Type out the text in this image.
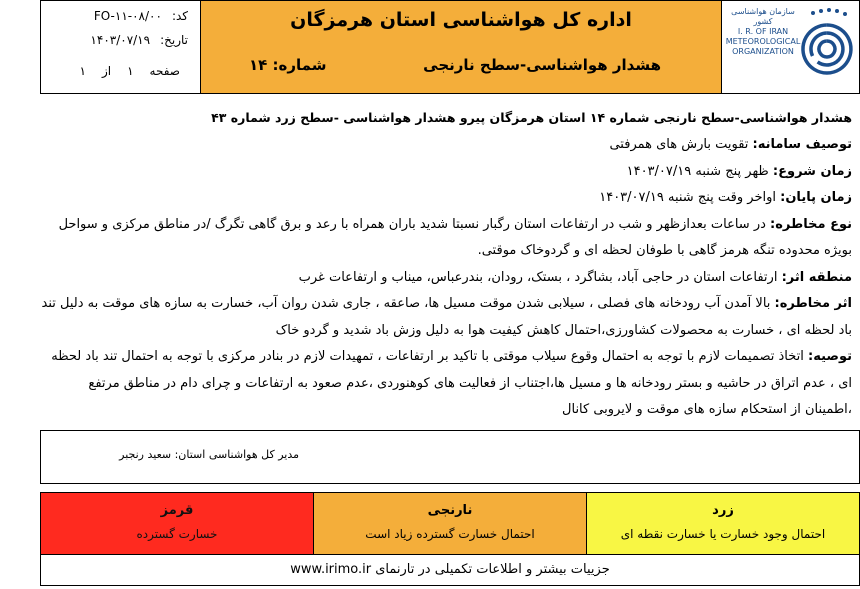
سازمان هواشناسی کشور
I. R. OF IRAN
METEOROLOGICAL
ORGANIZATION
اداره کل هواشناسی استان هرمزگان
هشدار هواشناسی-سطح نارنجی
شماره: ۱۴
کد:
FO-۱۱-۰۸/۰۰
تاریخ:
۱۴۰۳/۰۷/۱۹
صفحه
۱
از
۱
هشدار هواشناسی-سطح نارنجی شماره ۱۴ استان هرمزگان پیرو هشدار هواشناسی -سطح زرد شماره ۴۳
توصیف سامانه: تقویت بارش های همرفتی
زمان شروع: ظهر پنج شنبه ۱۴۰۳/۰۷/۱۹
زمان پایان: اواخر وقت پنج شنبه ۱۴۰۳/۰۷/۱۹
نوع مخاطره: در ساعات بعدازظهر و شب در ارتفاعات استان رگبار نسبتا شدید باران همراه با رعد و برق گاهی تگرگ /در مناطق مرکزی و سواحل بویژه محدوده تنگه هرمز گاهی با طوفان لحظه ای و گردوخاک موقتی.
منطقه اثر: ارتفاعات استان در حاجی آباد، بشاگرد ، بستک، رودان، بندرعباس، میناب و ارتفاعات غرب
اثر مخاطره: بالا آمدن آب رودخانه های فصلی ، سیلابی شدن موقت مسیل ها، صاعقه ، جاری شدن روان آب، خسارت به سازه های موقت به دلیل تند باد لحظه ای ، خسارت به محصولات کشاورزی،احتمال کاهش کیفیت هوا به دلیل وزش باد شدید و گردو خاک
توصیه: اتخاذ تصمیمات لازم با توجه به احتمال وقوع سیلاب موقتی با تاکید بر ارتفاعات ، تمهیدات لازم در بنادر مرکزی با توجه به احتمال تند باد لحظه ای ، عدم اتراق در حاشیه و بستر رودخانه ها و مسیل ها،اجتناب از فعالیت های کوهنوردی ،عدم صعود به ارتفاعات و چرای دام در مناطق مرتفع ،اطمینان از استحکام سازه های موقت و لایروبی کانال
مدیر کل هواشناسی استان: سعید رنجبر
زرد
احتمال وجود خسارت یا خسارت نقطه ای
نارنجی
احتمال خسارت گسترده زیاد است
قرمز
خسارت گسترده
جزییات بیشتر و اطلاعات تکمیلی در تارنمای www.irimo.ir
